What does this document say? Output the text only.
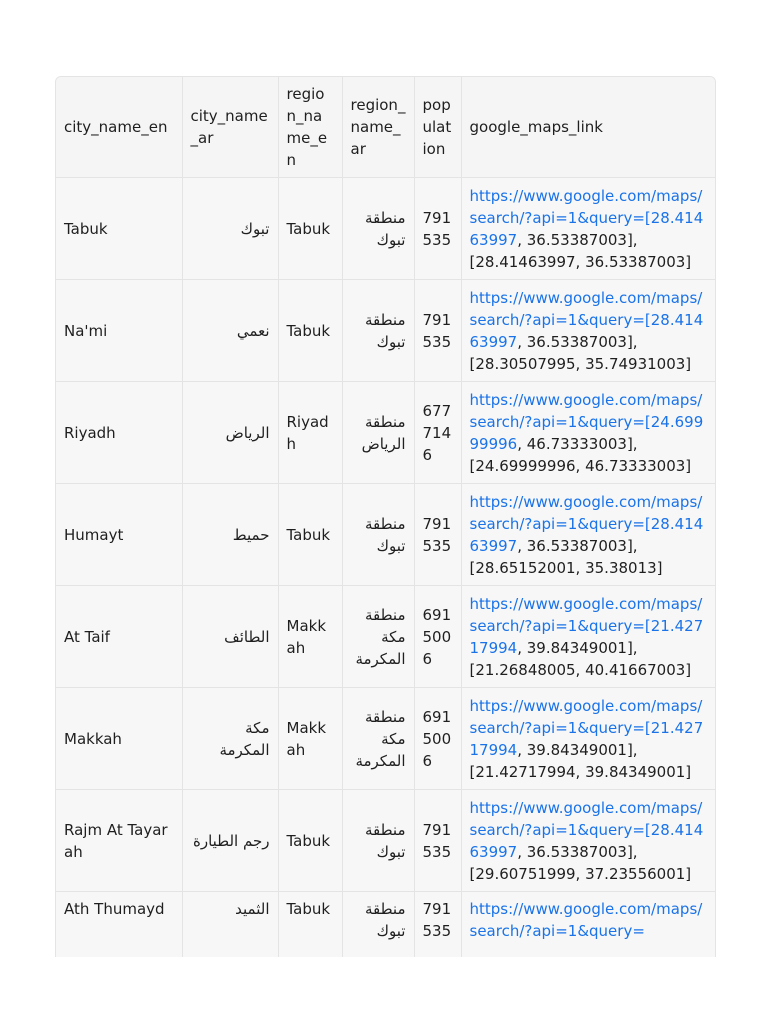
city_name_en	city_name_ar	region_name_en	region_name_ar	population	google_maps_link
Tabuk	تبوك	Tabuk	منطقة تبوك	791535	https://www.google.com/maps/search/?api=1&query=[28.41463997, 36.53387003],
[28.41463997, 36.53387003]
Na'mi	نعمي	Tabuk	منطقة تبوك	791535	https://www.google.com/maps/search/?api=1&query=[28.41463997, 36.53387003],
[28.30507995, 35.74931003]
Riyadh	الرياض	Riyadh	منطقة الرياض	6777146	https://www.google.com/maps/search/?api=1&query=[24.69999996, 46.73333003],
[24.69999996, 46.73333003]
Humayt	حميط	Tabuk	منطقة تبوك	791535	https://www.google.com/maps/search/?api=1&query=[28.41463997, 36.53387003],
[28.65152001, 35.38013]
At Taif	الطائف	Makkah	منطقة مكة المكرمة	6915006	https://www.google.com/maps/search/?api=1&query=[21.42717994, 39.84349001],
[21.26848005, 40.41667003]
Makkah	مكة المكرمة	Makkah	منطقة مكة المكرمة	6915006	https://www.google.com/maps/search/?api=1&query=[21.42717994, 39.84349001],
[21.42717994, 39.84349001]
Rajm At Tayarah	رجم الطيارة	Tabuk	منطقة تبوك	791535	https://www.google.com/maps/search/?api=1&query=[28.41463997, 36.53387003],
[29.60751999, 37.23556001]
Ath Thumayd	الثميد	Tabuk	منطقة تبوك	791535	https://www.google.com/maps/search/?api=1&query=
